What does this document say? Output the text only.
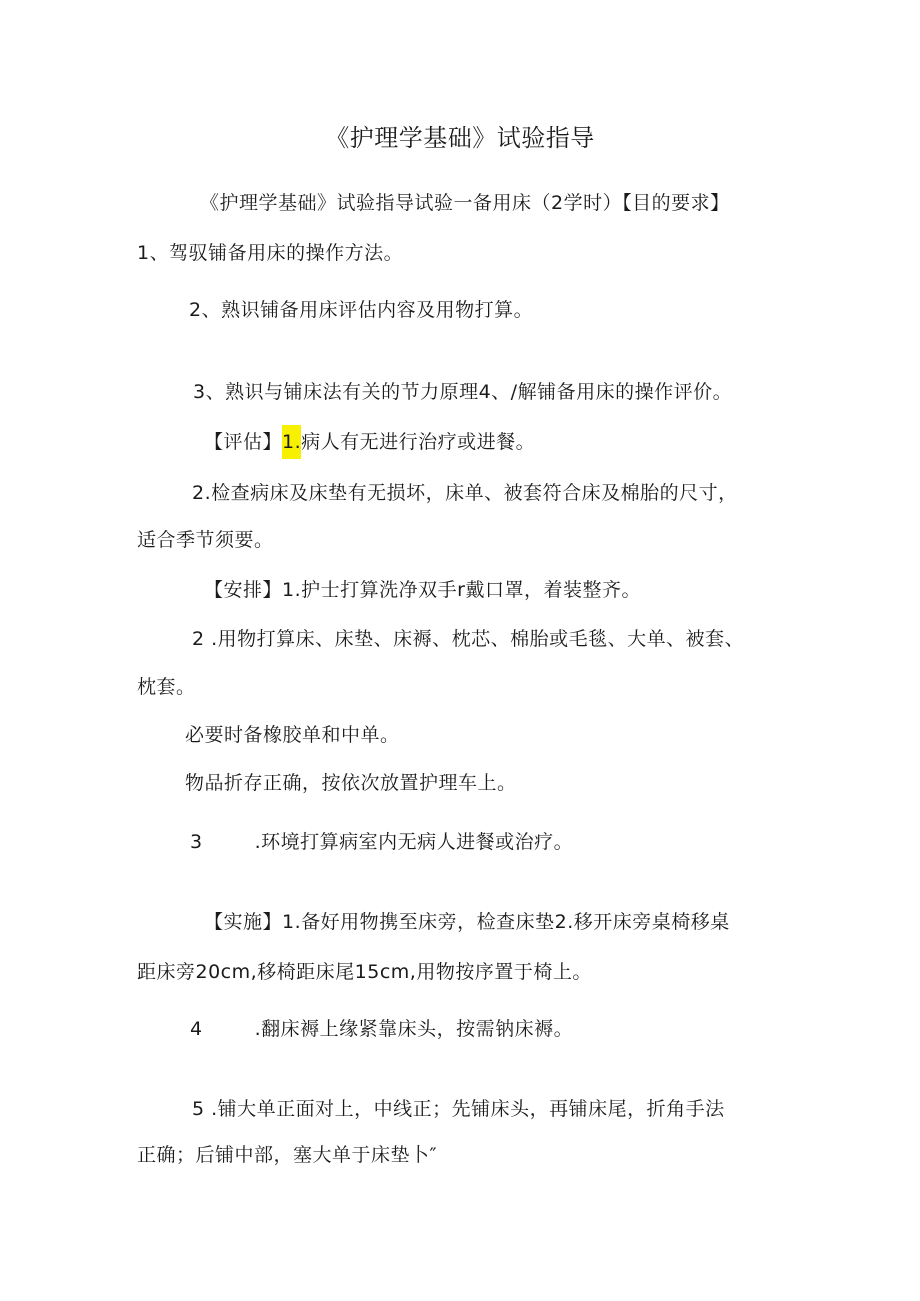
《护理学基础》试验指导
《护理学基础》试验指导试验一备用床（2学时）【目的要求】
1、驾驭铺备用床的操作方法。
2、熟识铺备用床评估内容及用物打算。
3、熟识与铺床法有关的节力原理4、/解铺备用床的操作评价。
【评估】1.病人有无进行治疗或进餐。
2.检查病床及床垫有无损坏，床单、被套符合床及棉胎的尺寸，
适合季节须要。
【安排】1.护士打算洗净双手r戴口罩，着装整齐。
2 .用物打算床、床垫、床褥、枕芯、棉胎或毛毯、大单、被套、
枕套。
必要时备橡胶单和中单。
物品折存正确，按依次放置护理车上。
3	.环境打算病室内无病人进餐或治疗。
【实施】1.备好用物携至床旁，检查床垫2.移开床旁桌椅移桌
距床旁20cm,移椅距床尾15cm,用物按序置于椅上。
4	.翻床褥上缘紧靠床头，按需钠床褥。
5 .铺大单正面对上，中线正；先铺床头，再铺床尾，折角手法
正确；后铺中部，塞大单于床垫卜″
